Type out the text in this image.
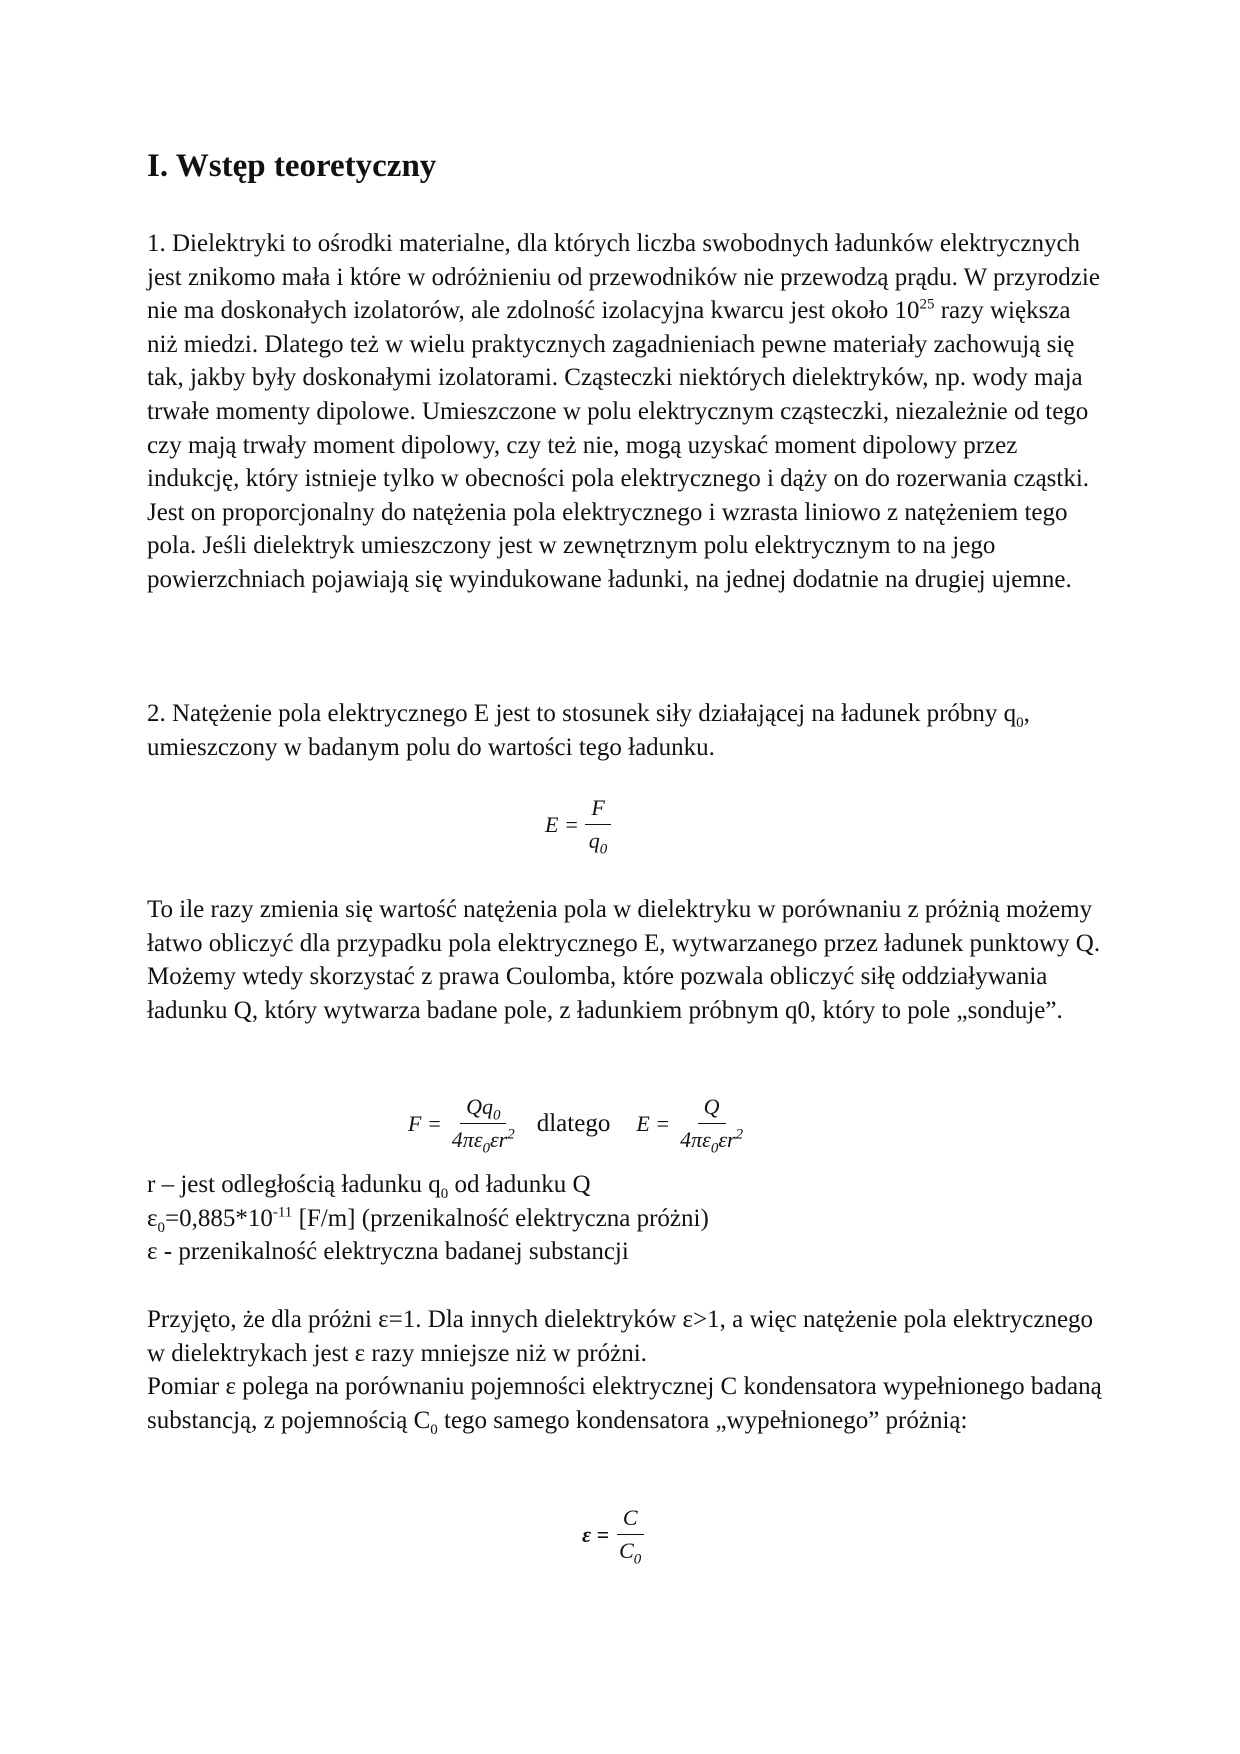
I. Wstęp teoretyczny

1. Dielektryki to ośrodki materialne, dla których liczba swobodnych ładunków elektrycznych jest znikomo mała i które w odróżnieniu od przewodników nie przewodzą prądu. W przyrodzie nie ma doskonałych izolatorów, ale zdolność izolacyjna kwarcu jest około $10^{25}$ razy większa niż miedzi. Dlatego też w wielu praktycznych zagadnieniach pewne materiały zachowują się tak, jakby były doskonałymi izolatorami. Cząsteczki niektórych dielektryków, np. wody maja trwałe momenty dipolowe. Umieszczone w polu elektrycznym cząsteczki, niezależnie od tego czy mają trwały moment dipolowy, czy też nie, mogą uzyskać moment dipolowy przez indukcję, który istnieje tylko w obecności pola elektrycznego i dąży on do rozerwania cząstki. Jest on proporcjonalny do natężenia pola elektrycznego i wzrasta liniowo z natężeniem tego pola. Jeśli dielektryk umieszczony jest w zewnętrznym polu elektrycznym to na jego powierzchniach pojawiają się wyindukowane ładunki, na jednej dodatnie na drugiej ujemne.

2. Natężenie pola elektrycznego E jest to stosunek siły działającej na ładunek próbny $q_0$, umieszczony w badanym polu do wartości tego ładunku.

$E = \frac{F}{q_0}$

To ile razy zmienia się wartość natężenia pola w dielektryku w porównaniu z próżnią możemy łatwo obliczyć dla przypadku pola elektrycznego E, wytwarzanego przez ładunek punktowy Q. Możemy wtedy skorzystać z prawa Coulomba, które pozwala obliczyć siłę oddziaływania ładunku Q, który wytwarza badane pole, z ładunkiem próbnym q0, który to pole „sonduje”.

$F = \frac{Qq_0}{4\pi\varepsilon_0\varepsilon r^2}$ dlatego $E = \frac{Q}{4\pi\varepsilon_0\varepsilon r^2}$

r – jest odległością ładunku $q_0$ od ładunku Q
$\varepsilon_0=0,885*10^{-11}$ [F/m] (przenikalność elektryczna próżni)
ε - przenikalność elektryczna badanej substancji

Przyjęto, że dla próżni ε=1. Dla innych dielektryków ε>1, a więc natężenie pola elektrycznego w dielektrykach jest ε razy mniejsze niż w próżni.
Pomiar ε polega na porównaniu pojemności elektrycznej C kondensatora wypełnionego badaną substancją, z pojemnością $C_0$ tego samego kondensatora „wypełnionego” próżnią:

$\varepsilon = \frac{C}{C_0}$
